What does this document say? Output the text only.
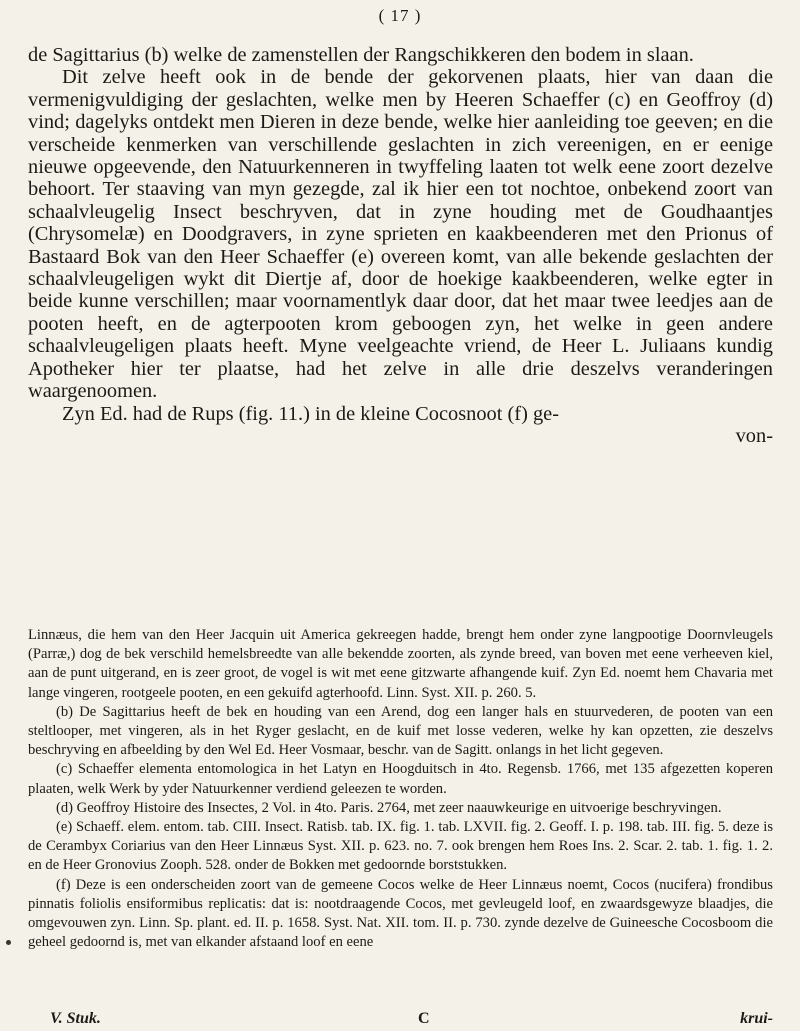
( 17 )

de Sagittarius (b) welke de zamenstellen der Rangschikkeren den bodem in slaan.

Dit zelve heeft ook in de bende der gekorvenen plaats, hier van daan die vermenigvuldiging der geslachten, welke men by Heeren Schaeffer (c) en Geoffroy (d) vind; dagelyks ontdekt men Dieren in deze bende, welke hier aanleiding toe geeven; en die verscheide kenmerken van verschillende geslachten in zich vereenigen, en er eenige nieuwe opgeevende, den Natuurkenneren in twyffeling laaten tot welk eene zoort dezelve behoort. Ter staaving van myn gezegde, zal ik hier een tot nochtoe, onbekend zoort van schaalvleugelig Insect beschryven, dat in zyne houding met de Goudhaantjes (Chrysomelæ) en Doodgravers, in zyne sprieten en kaakbeenderen met den Prionus of Bastaard Bok van den Heer Schaeffer (e) overeen komt, van alle bekende geslachten der schaalvleugeligen wykt dit Diertje af, door de hoekige kaakbeenderen, welke egter in beide kunne verschillen; maar voornamentlyk daar door, dat het maar twee leedjes aan de pooten heeft, en de agterpooten krom geboogen zyn, het welke in geen andere schaalvleugeligen plaats heeft. Myne veelgeachte vriend, de Heer L. Juliaans kundig Apotheker hier ter plaatse, had het zelve in alle drie deszelvs veranderingen waargenoomen.

Zyn Ed. had de Rups (fig. 11.) in de kleine Cocosnoot (f) ge-

von-

Linnæus, die hem van den Heer Jacquin uit America gekreegen hadde, brengt hem onder zyne langpootige Doornvleugels (Parræ,) dog de bek verschild hemelsbreedte van alle bekendde zoorten, als zynde breed, van boven met eene verheeven kiel, aan de punt uitgerand, en is zeer groot, de vogel is wit met eene gitzwarte afhangende kuif. Zyn Ed. noemt hem Chavaria met lange vingeren, rootgeele pooten, en een gekuifd agterhoofd. Linn. Syst. XII. p. 260. 5.

(b) De Sagittarius heeft de bek en houding van een Arend, dog een langer hals en stuurvederen, de pooten van een steltlooper, met vingeren, als in het Ryger geslacht, en de kuif met losse vederen, welke hy kan opzetten, zie deszelvs beschryving en afbeelding by den Wel Ed. Heer Vosmaar, beschr. van de Sagitt. onlangs in het licht gegeven.

(c) Schaeffer elementa entomologica in het Latyn en Hoogduitsch in 4to. Regensb. 1766, met 135 afgezetten koperen plaaten, welk Werk by yder Natuurkenner verdiend geleezen te worden.

(d) Geoffroy Histoire des Insectes, 2 Vol. in 4to. Paris. 2764, met zeer naauwkeurige en uitvoerige beschryvingen.

(e) Schaeff. elem. entom. tab. CIII. Insect. Ratisb. tab. IX. fig. 1. tab. LXVII. fig. 2. Geoff. I. p. 198. tab. III. fig. 5. deze is de Cerambyx Coriarius van den Heer Linnæus Syst. XII. p. 623. no. 7. ook brengen hem Roes Ins. 2. Scar. 2. tab. 1. fig. 1. 2. en de Heer Gronovius Zooph. 528. onder de Bokken met gedoornde borststukken.

(f) Deze is een onderscheiden zoort van de gemeene Cocos welke de Heer Linnæus noemt, Cocos (nucifera) frondibus pinnatis foliolis ensiformibus replicatis: dat is: nootdraagende Cocos, met gevleugeld loof, en zwaardsgewyze blaadjes, die omgevouwen zyn. Linn. Sp. plant. ed. II. p. 1658. Syst. Nat. XII. tom. II. p. 730. zynde dezelve de Guineesche Cocosboom die geheel gedoornd is, met van elkander afstaand loof en eene

V. Stuk.	C	krui-
